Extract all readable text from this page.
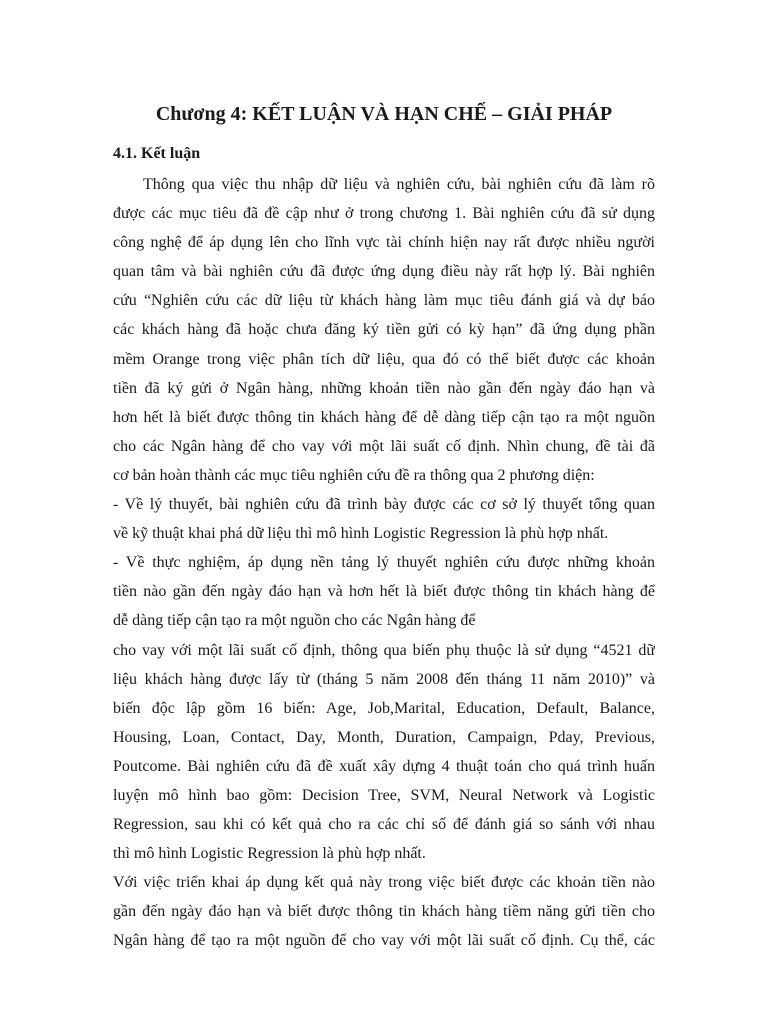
Chương 4: KẾT LUẬN VÀ HẠN CHẾ – GIẢI PHÁP
4.1. Kết luận
Thông qua việc thu nhập dữ liệu và nghiên cứu, bài nghiên cứu đã làm rõ
được các mục tiêu đã đề cập như ở trong chương 1. Bài nghiên cứu đã sử dụng
công nghệ để áp dụng lên cho lĩnh vực tài chính hiện nay rất được nhiều người
quan tâm và bài nghiên cứu đã được ứng dụng điều này rất hợp lý. Bài nghiên
cứu “Nghiên cứu các dữ liệu từ khách hàng làm mục tiêu đánh giá và dự báo
các khách hàng đã hoặc chưa đăng ký tiền gửi có kỳ hạn” đã ứng dụng phần
mềm Orange trong việc phân tích dữ liệu, qua đó có thể biết được các khoản
tiền đã ký gửi ở Ngân hàng, những khoản tiền nào gần đến ngày đáo hạn và
hơn hết là biết được thông tin khách hàng để dễ dàng tiếp cận tạo ra một nguồn
cho các Ngân hàng để cho vay với một lãi suất cố định. Nhìn chung, đề tài đã
cơ bản hoàn thành các mục tiêu nghiên cứu đề ra thông qua 2 phương diện:
- Về lý thuyết, bài nghiên cứu đã trình bày được các cơ sở lý thuyết tổng quan
về kỹ thuật khai phá dữ liệu thì mô hình Logistic Regression là phù hợp nhất.
- Về thực nghiệm, áp dụng nền tảng lý thuyết nghiên cứu được những khoản
tiền nào gần đến ngày đáo hạn và hơn hết là biết được thông tin khách hàng để
dễ dàng tiếp cận tạo ra một nguồn cho các Ngân hàng để
cho vay với một lãi suất cố định, thông qua biến phụ thuộc là sử dụng “4521 dữ
liệu khách hàng được lấy từ (tháng 5 năm 2008 đến tháng 11 năm 2010)” và
biến độc lập gồm 16 biến: Age, Job,Marital, Education, Default, Balance,
Housing, Loan, Contact, Day, Month, Duration, Campaign, Pday, Previous,
Poutcome. Bài nghiên cứu đã đề xuất xây dựng 4 thuật toán cho quá trình huấn
luyện mô hình bao gồm: Decision Tree, SVM, Neural Network và Logistic
Regression, sau khi có kết quả cho ra các chỉ số để đánh giá so sánh với nhau
thì mô hình Logistic Regression là phù hợp nhất.
Với việc triển khai áp dụng kết quả này trong việc biết được các khoản tiền nào
gần đến ngày đáo hạn và biết được thông tin khách hàng tiềm năng gửi tiền cho
Ngân hàng để tạo ra một nguồn để cho vay với một lãi suất cố định. Cụ thể, các
